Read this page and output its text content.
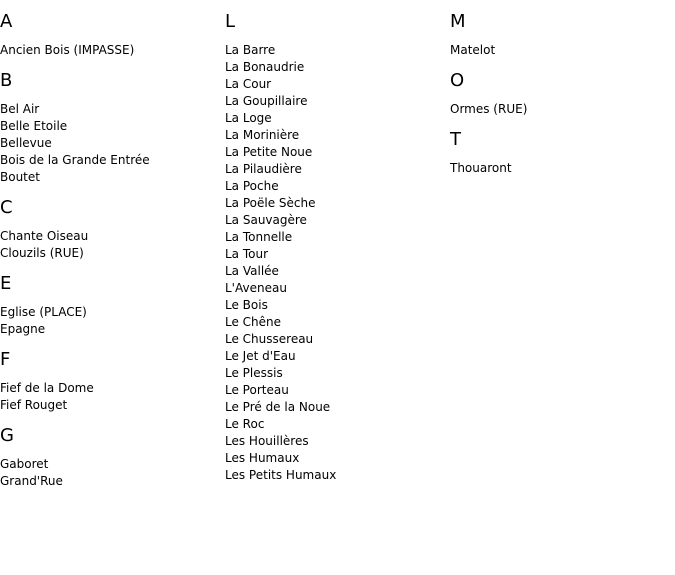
A
Ancien Bois (IMPASSE)
B
Bel Air
Belle Etoile
Bellevue
Bois de la Grande Entrée
Boutet
C
Chante Oiseau
Clouzils (RUE)
E
Eglise (PLACE)
Epagne
F
Fief de la Dome
Fief Rouget
G
Gaboret
Grand'Rue
L
La Barre
La Bonaudrie
La Cour
La Goupillaire
La Loge
La Morinière
La Petite Noue
La Pilaudière
La Poche
La Poële Sèche
La Sauvagère
La Tonnelle
La Tour
La Vallée
L'Aveneau
Le Bois
Le Chêne
Le Chussereau
Le Jet d'Eau
Le Plessis
Le Porteau
Le Pré de la Noue
Le Roc
Les Houillères
Les Humaux
Les Petits Humaux
M
Matelot
O
Ormes (RUE)
T
Thouaront
